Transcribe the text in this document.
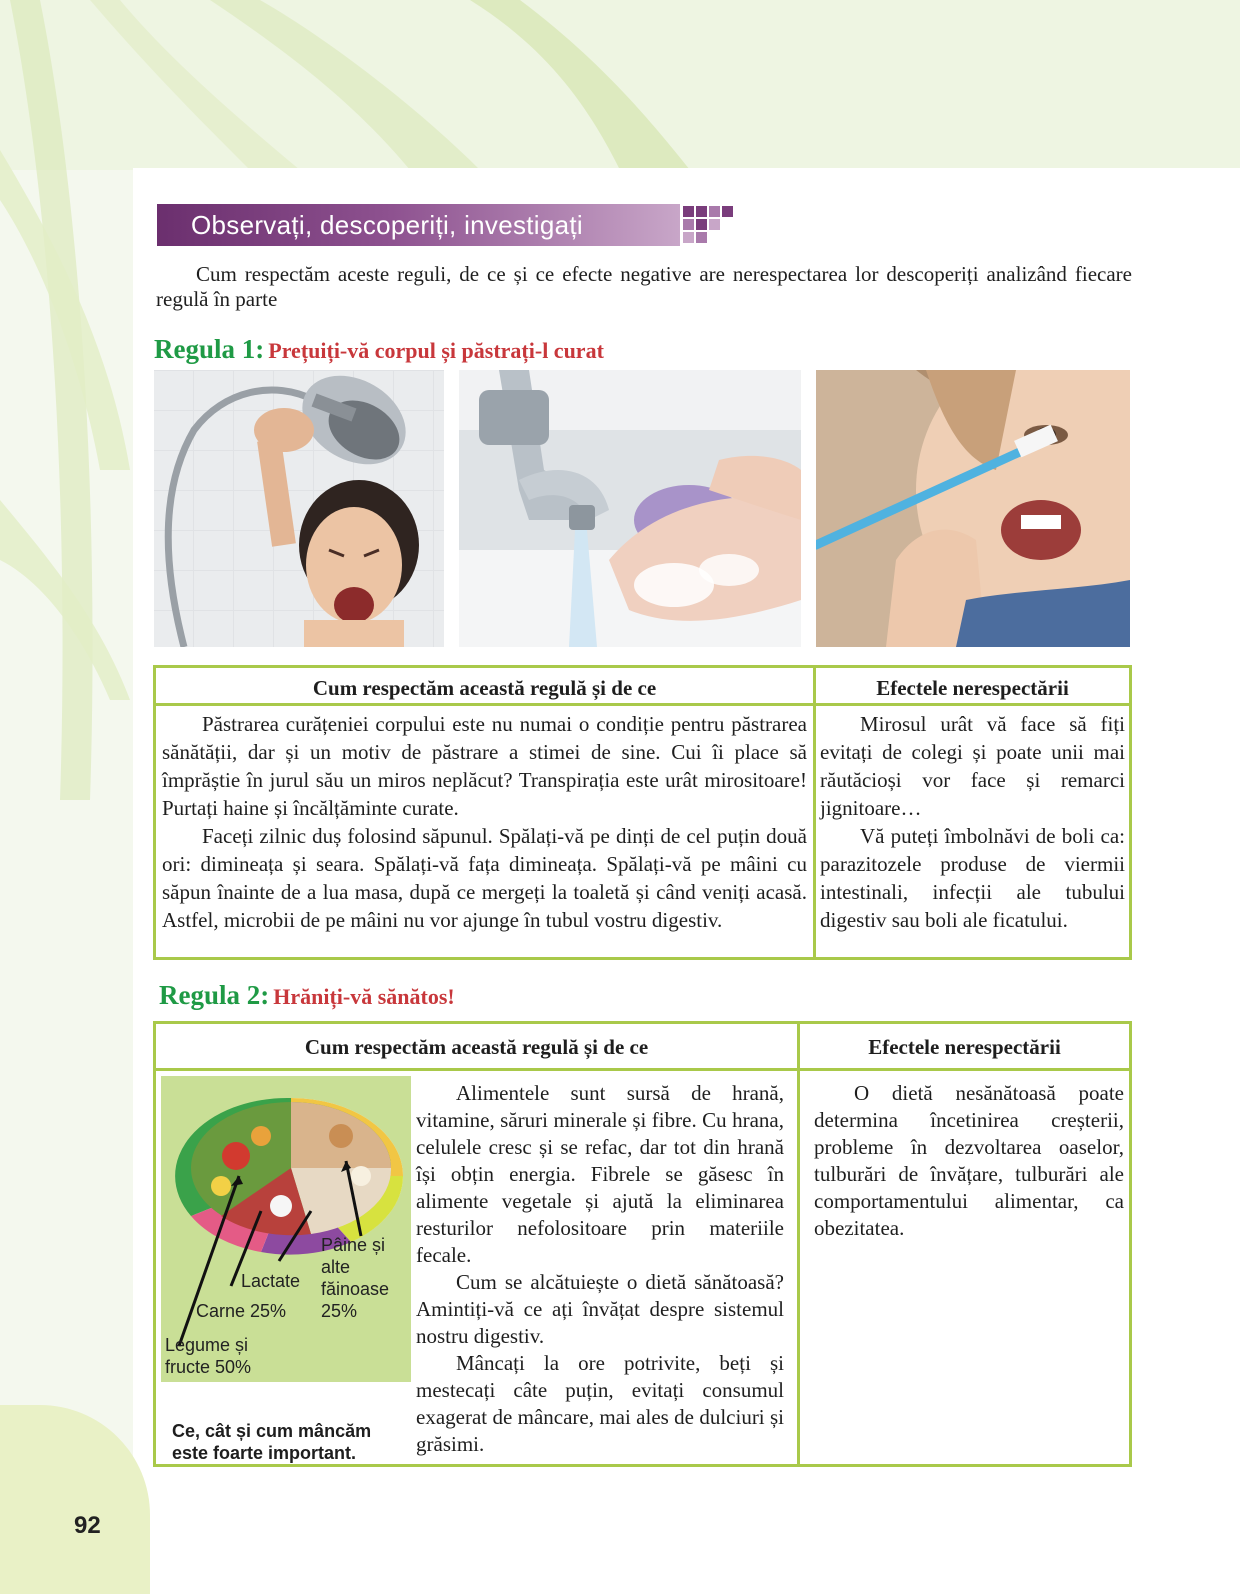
Observați, descoperiți, investigați
Cum respectăm aceste reguli, de ce și ce efecte negative are nerespectarea lor descoperiți analizând fiecare regulă în parte
Regula 1: Prețuiți-vă corpul și păstrați-l curat
Cum respectăm această regulă și de ce	Efectele nerespectării

Păstrarea curățeniei corpului este nu numai o condiție pentru păstrarea sănătății, dar și un motiv de păstrare a stimei de sine. Cui îi place să împrăștie în jurul său un miros neplăcut? Transpirația este urât mirositoare! Purtați haine și încălțăminte curate.

Faceți zilnic duș folosind săpunul. Spălați-vă pe dinți de cel puțin două ori: dimineața și seara. Spălați-vă fața dimineața. Spălați-vă pe mâini cu săpun înainte de a lua masa, după ce mergeți la toaletă și când veniți acasă. Astfel, microbii de pe mâini nu vor ajunge în tubul vostru digestiv.

Mirosul urât vă face să fiți evitați de colegi și poate unii mai răutăcioși vor face și remarci jignitoare…

Vă puteți îmbolnăvi de boli ca: parazitozele produse de viermii intestinali, infecții ale tubului digestiv sau boli ale ficatului.

Regula 2: Hrăniți-vă sănătos!
Cum respectăm această regulă și de ce	Efectele nerespectării

Alimentele sunt sursă de hrană, vitamine, săruri minerale și fibre. Cu hrana, celulele cresc și se refac, dar tot din hrană își obțin energia. Fibrele se găsesc în alimente vegetale și ajută la eliminarea resturilor nefolositoare prin materiile fecale.

Cum se alcătuiește o dietă sănătoasă? Amintiți-vă ce ați învățat despre sistemul nostru digestiv.

Mâncați la ore potrivite, beți și mestecați câte puțin, evitați consumul exagerat de mâncare, mai ales de dulciuri și grăsimi.

O dietă nesănătoasă poate determina încetinirea creșterii, probleme în dezvoltarea oaselor, tulburări de învățare, tulburări ale comportamentului alimentar, ca obezitatea.

Pâine și alte făinoase 25%
Lactate
Carne 25%
Legume și fructe 50%
Ce, cât și cum mâncăm este foarte important.
92
